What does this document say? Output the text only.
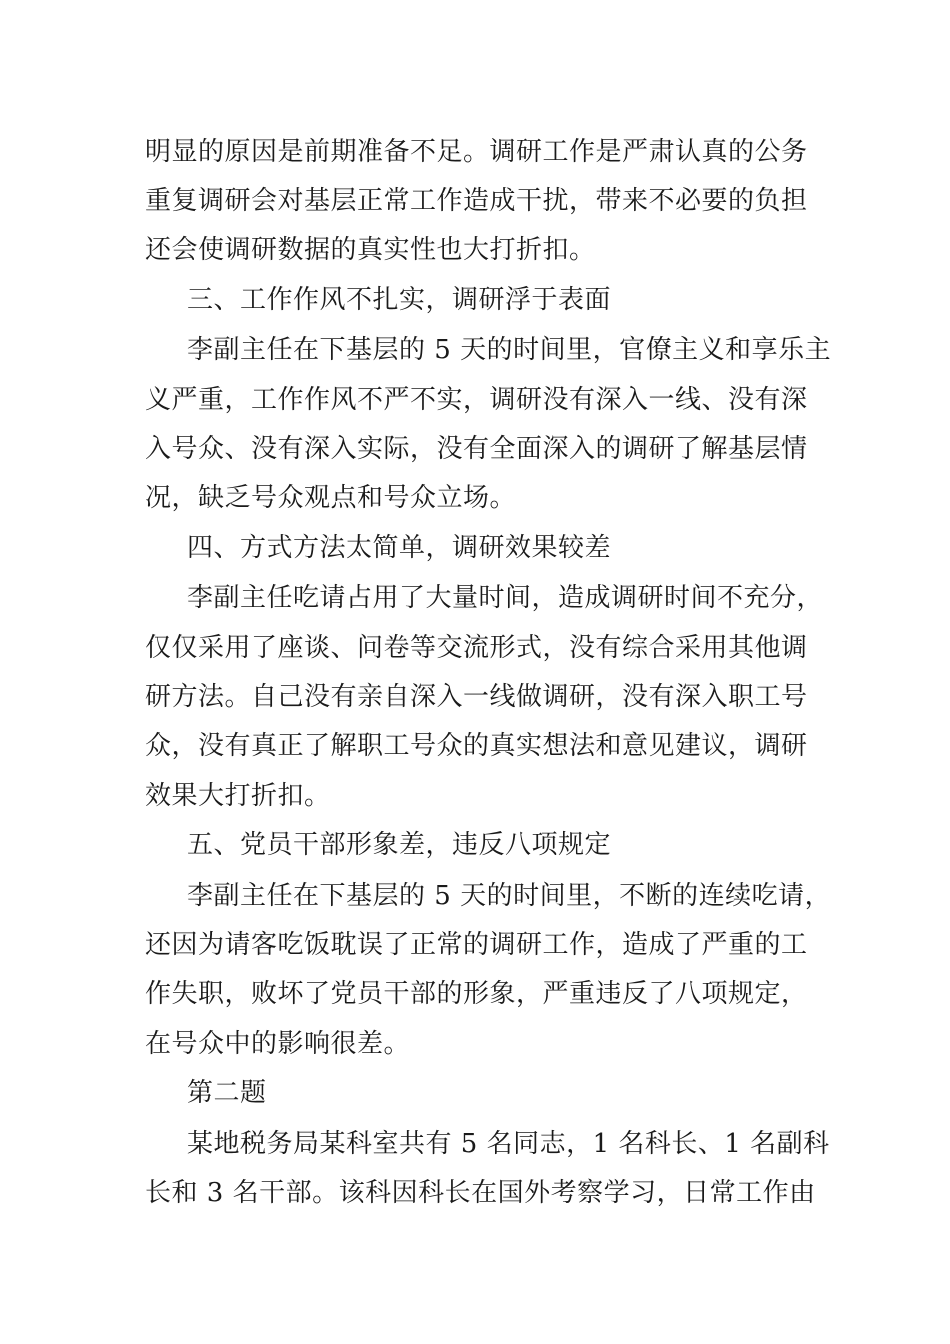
明显的原因是前期准备不足。调研工作是严肃认真的公务
重复调研会对基层正常工作造成干扰，带来不必要的负担
还会使调研数据的真实性也大打折扣。
三、工作作风不扎实，调研浮于表面
李副主任在下基层的 5 天的时间里，官僚主义和享乐主
义严重，工作作风不严不实，调研没有深入一线、没有深
入号众、没有深入实际，没有全面深入的调研了解基层情
况，缺乏号众观点和号众立场。
四、方式方法太简单，调研效果较差
李副主任吃请占用了大量时间，造成调研时间不充分，
仅仅采用了座谈、问卷等交流形式，没有综合采用其他调
研方法。自己没有亲自深入一线做调研，没有深入职工号
众，没有真正了解职工号众的真实想法和意见建议，调研
效果大打折扣。
五、党员干部形象差，违反八项规定
李副主任在下基层的 5 天的时间里，不断的连续吃请，
还因为请客吃饭耽误了正常的调研工作，造成了严重的工
作失职，败坏了党员干部的形象，严重违反了八项规定，
在号众中的影响很差。
第二题
某地税务局某科室共有 5 名同志，1 名科长、1 名副科
长和 3 名干部。该科因科长在国外考察学习，日常工作由
